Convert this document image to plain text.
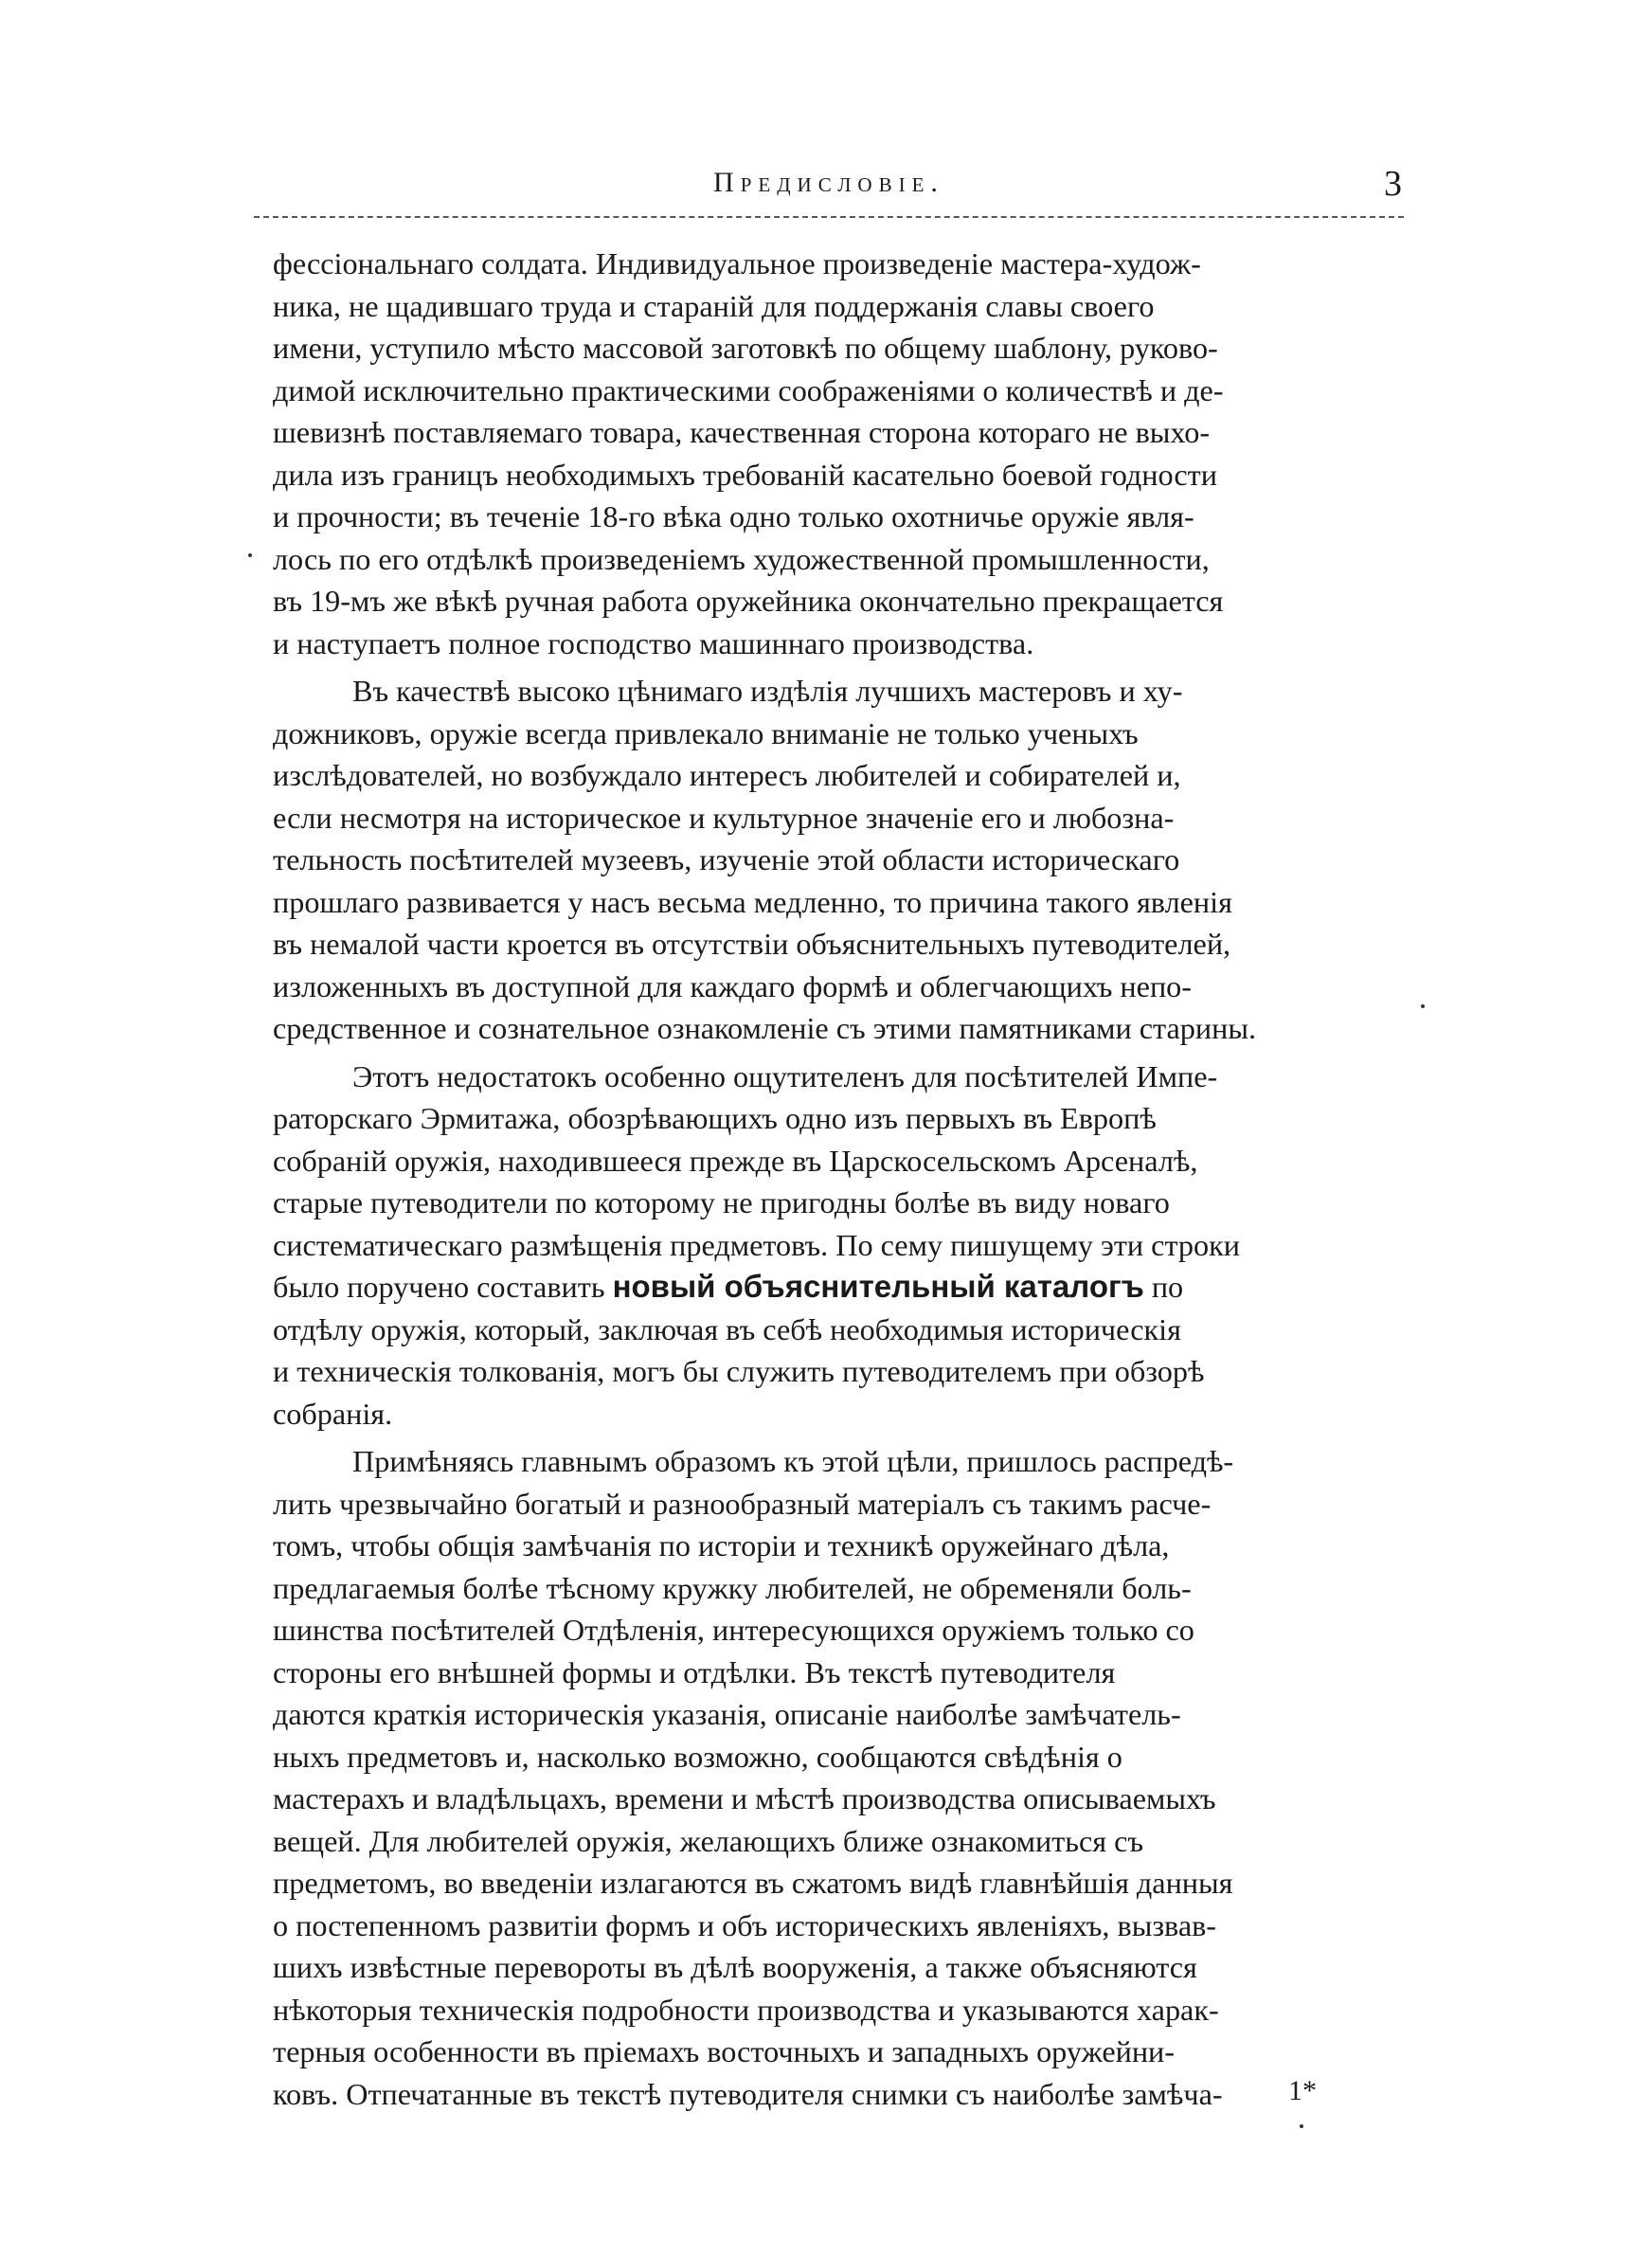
Предисловіе.	3
фессіональнаго солдата. Индивидуальное произведеніе мастера-худож-
ника, не щадившаго труда и стараній для поддержанія славы своего
имени, уступило мѣсто массовой заготовкѣ по общему шаблону, руково-
димой исключительно практическими соображеніями о количествѣ и де-
шевизнѣ поставляемаго товара, качественная сторона котораго не выхо-
дила изъ границъ необходимыхъ требованій касательно боевой годности
и прочности; въ теченіе 18-го вѣка одно только охотничье оружіе явля-
лось по его отдѣлкѣ произведеніемъ художественной промышленности,
въ 19-мъ же вѣкѣ ручная работа оружейника окончательно прекращается
и наступаетъ полное господство машиннаго производства.
Въ качествѣ высоко цѣнимаго издѣлія лучшихъ мастеровъ и ху-
дожниковъ, оружіе всегда привлекало вниманіе не только ученыхъ
изслѣдователей, но возбуждало интересъ любителей и собирателей и,
если несмотря на историческое и культурное значеніе его и любозна-
тельность посѣтителей музеевъ, изученіе этой области историческаго
прошлаго развивается у насъ весьма медленно, то причина такого явленія
въ немалой части кроется въ отсутствіи объяснительныхъ путеводителей,
изложенныхъ въ доступной для каждаго формѣ и облегчающихъ непо-
средственное и сознательное ознакомленіе съ этими памятниками старины.
Этотъ недостатокъ особенно ощутителенъ для посѣтителей Импе-
раторскаго Эрмитажа, обозрѣвающихъ одно изъ первыхъ въ Европѣ
собраній оружія, находившееся прежде въ Царскосельскомъ Арсеналѣ,
старые путеводители по которому не пригодны болѣе въ виду новаго
систематическаго размѣщенія предметовъ. По сему пишущему эти строки
было поручено составить новый объяснительный каталогъ по
отдѣлу оружія, который, заключая въ себѣ необходимыя историческія
и техническія толкованія, могъ бы служить путеводителемъ при обзорѣ
собранія.
Примѣняясь главнымъ образомъ къ этой цѣли, пришлось распредѣ-
лить чрезвычайно богатый и разнообразный матеріалъ съ такимъ расче-
томъ, чтобы общія замѣчанія по исторіи и техникѣ оружейнаго дѣла,
предлагаемыя болѣе тѣсному кружку любителей, не обременяли боль-
шинства посѣтителей Отдѣленія, интересующихся оружіемъ только со
стороны его внѣшней формы и отдѣлки. Въ текстѣ путеводителя
даются краткія историческія указанія, описаніе наиболѣе замѣчатель-
ныхъ предметовъ и, насколько возможно, сообщаются свѣдѣнія о
мастерахъ и владѣльцахъ, времени и мѣстѣ производства описываемыхъ
вещей. Для любителей оружія, желающихъ ближе ознакомиться съ
предметомъ, во введеніи излагаются въ сжатомъ видѣ главнѣйшія данныя
о постепенномъ развитіи формъ и объ историческихъ явленіяхъ, вызвав-
шихъ извѣстные перевороты въ дѣлѣ вооруженія, а также объясняются
нѣкоторыя техническія подробности производства и указываются харак-
терныя особенности въ пріемахъ восточныхъ и западныхъ оружейни-
ковъ. Отпечатанные въ текстѣ путеводителя снимки съ наиболѣе замѣча-	1*
